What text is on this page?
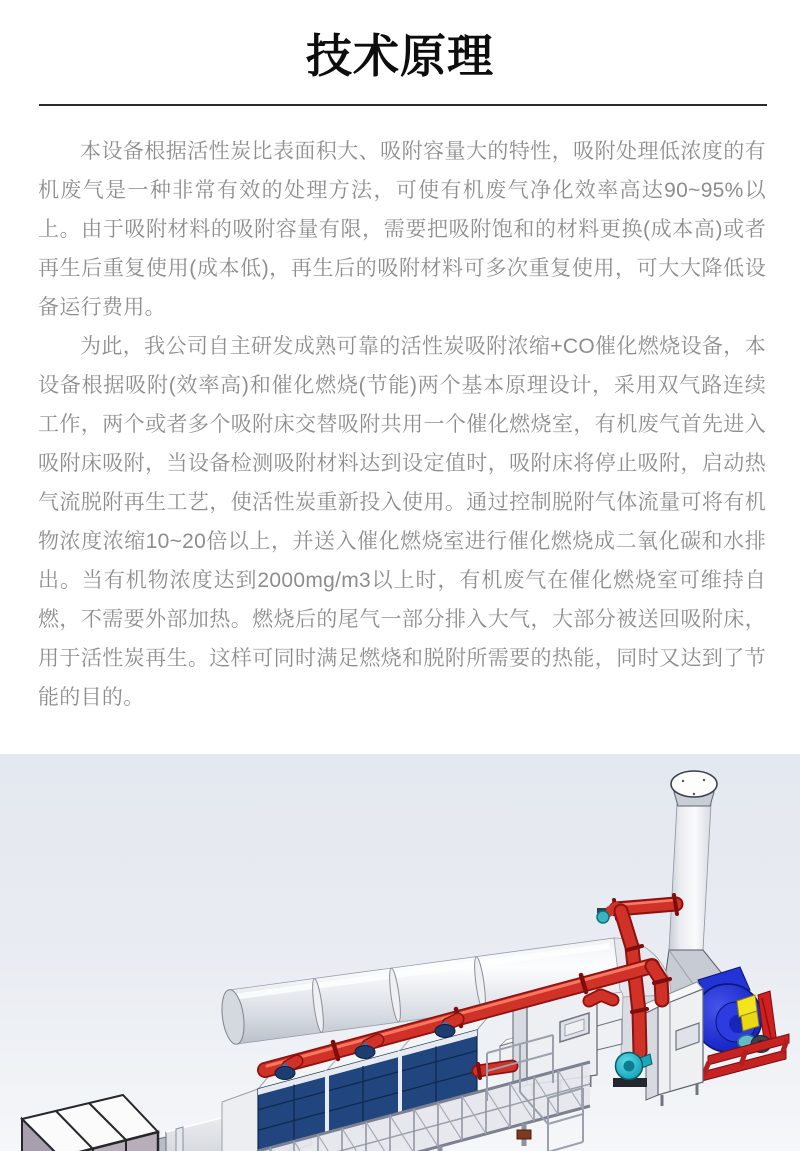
技术原理

本设备根据活性炭比表面积大、吸附容量大的特性，吸附处理低浓度的有机废气是一种非常有效的处理方法，可使有机废气净化效率高达90~95%以上。由于吸附材料的吸附容量有限，需要把吸附饱和的材料更换(成本高)或者再生后重复使用(成本低)，再生后的吸附材料可多次重复使用，可大大降低设备运行费用。

为此，我公司自主研发成熟可靠的活性炭吸附浓缩+CO催化燃烧设备，本设备根据吸附(效率高)和催化燃烧(节能)两个基本原理设计，采用双气路连续工作，两个或者多个吸附床交替吸附共用一个催化燃烧室，有机废气首先进入吸附床吸附，当设备检测吸附材料达到设定值时，吸附床将停止吸附，启动热气流脱附再生工艺，使活性炭重新投入使用。通过控制脱附气体流量可将有机物浓度浓缩10~20倍以上，并送入催化燃烧室进行催化燃烧成二氧化碳和水排出。当有机物浓度达到2000mg/m3以上时，有机废气在催化燃烧室可维持自燃，不需要外部加热。燃烧后的尾气一部分排入大气，大部分被送回吸附床，用于活性炭再生。这样可同时满足燃烧和脱附所需要的热能，同时又达到了节能的目的。
